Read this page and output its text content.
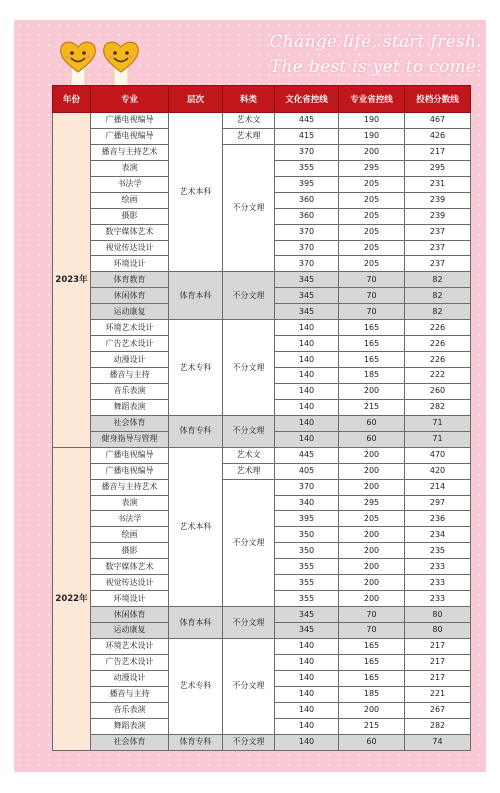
Change life, start fresh.
The best is yet to come.
年份	专业	层次	科类	文化省控线	专业省控线	投档分数线
2023年	广播电视编导	艺术本科	艺术文	445	190	467
	广播电视编导		艺术理	415	190	426
	播音与主持艺术		不分文理	370	200	217
	表演			355	295	295
	书法学			395	205	231
	绘画			360	205	239
	摄影			360	205	239
	数字媒体艺术			370	205	237
	视觉传达设计			370	205	237
	环境设计			370	205	237
	体育教育	体育本科	不分文理	345	70	82
	休闲体育			345	70	82
	运动康复			345	70	82
	环境艺术设计	艺术专科	不分文理	140	165	226
	广告艺术设计			140	165	226
	动漫设计			140	165	226
	播音与主持			140	185	222
	音乐表演			140	200	260
	舞蹈表演			140	215	282
	社会体育	体育专科	不分文理	140	60	71
	健身指导与管理			140	60	71
2022年	广播电视编导	艺术本科	艺术文	445	200	470
	广播电视编导		艺术理	405	200	420
	播音与主持艺术		不分文理	370	200	214
	表演			340	295	297
	书法学			395	205	236
	绘画			350	200	234
	摄影			350	200	235
	数字媒体艺术			355	200	233
	视觉传达设计			355	200	233
	环境设计			355	200	233
	休闲体育	体育本科	不分文理	345	70	80
	运动康复			345	70	80
	环境艺术设计	艺术专科	不分文理	140	165	217
	广告艺术设计			140	165	217
	动漫设计			140	165	217
	播音与主持			140	185	221
	音乐表演			140	200	267
	舞蹈表演			140	215	282
	社会体育	体育专科	不分文理	140	60	74
